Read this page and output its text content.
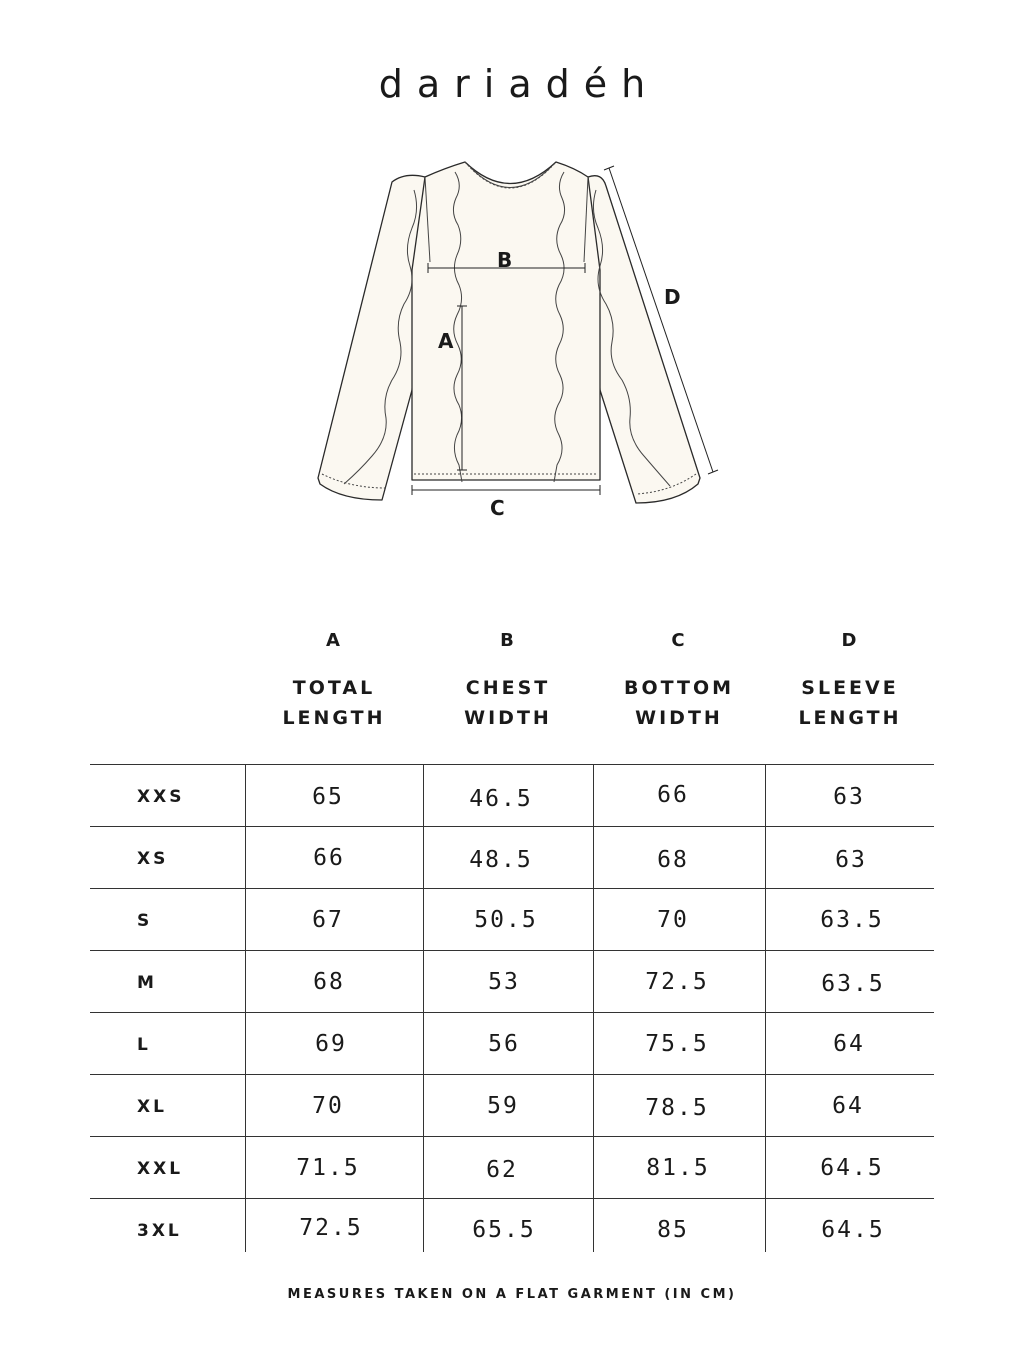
dariadéh
B
A
C
D
A
TOTAL
LENGTH
B
CHEST
WIDTH
C
BOTTOM
WIDTH
D
SLEEVE
LENGTH
XXS	65	46.5	66	63
XS	66	48.5	68	63
S	67	50.5	70	63.5
M	68	53	72.5	63.5
L	69	56	75.5	64
XL	70	59	78.5	64
XXL	71.5	62	81.5	64.5
3XL	72.5	65.5	85	64.5
MEASURES TAKEN ON A FLAT GARMENT (IN CM)
